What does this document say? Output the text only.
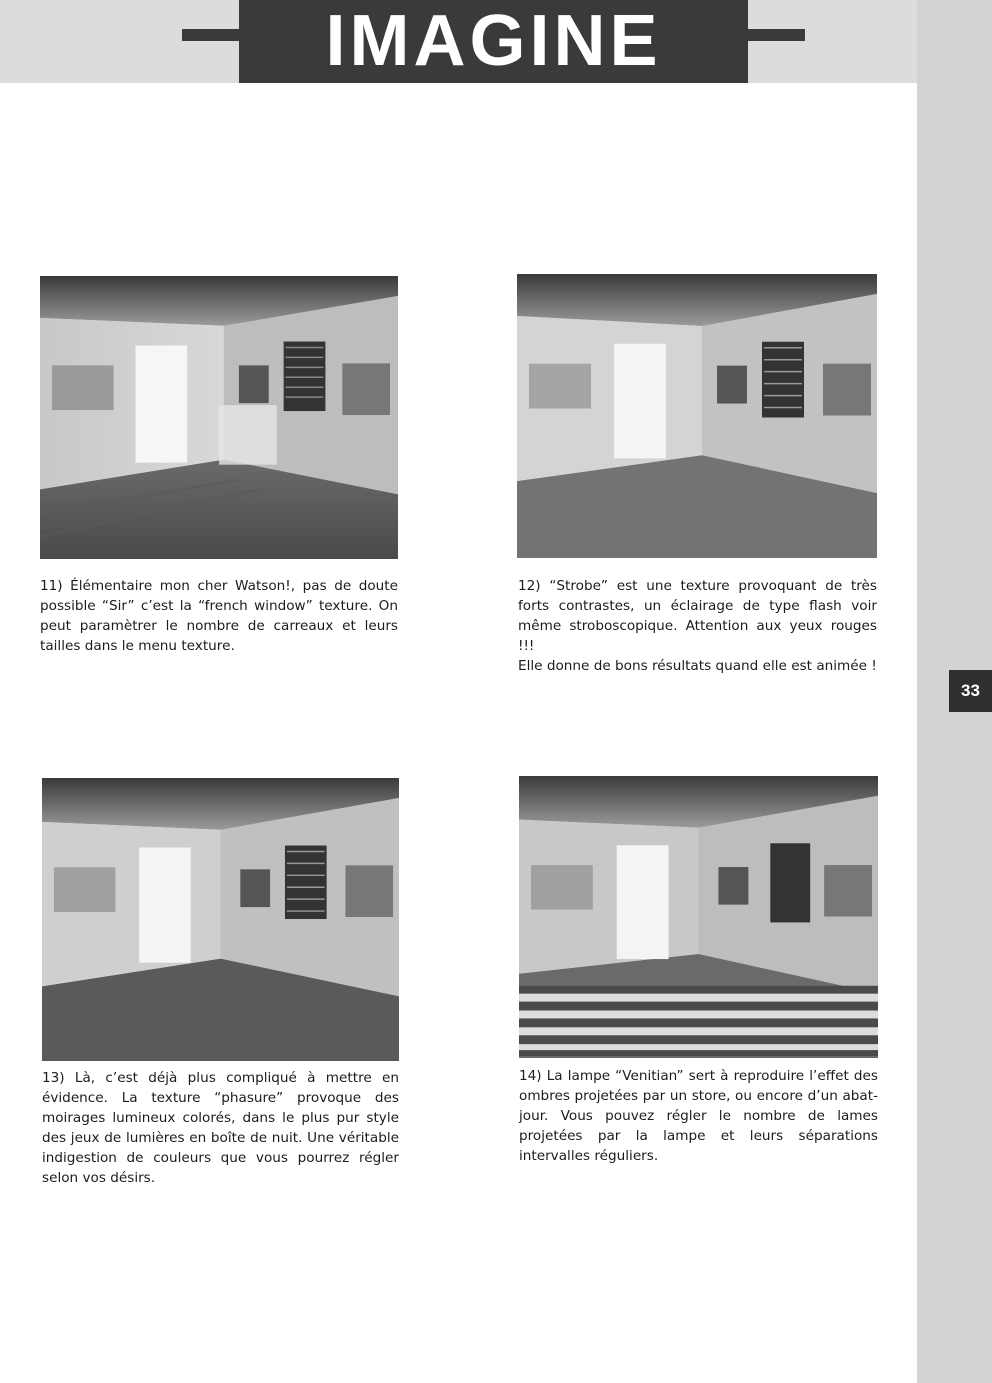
IMAGINE
33

11) Élémentaire mon cher Watson!, pas de doute possible “Sir” c’est la “french window” texture. On peut paramètrer le nombre de carreaux et leurs tailles dans le menu texture.

12) “Strobe” est une texture provoquant de très forts contrastes, un éclairage de type flash voir même stroboscopique. Attention aux yeux rouges !!!

Elle donne de bons résultats quand elle est animée !

13) Là, c’est déjà plus compliqué à mettre en évidence. La texture “phasure” provoque des moirages lumineux colorés, dans le plus pur style des jeux de lumières en boîte de nuit. Une véritable indigestion de couleurs que vous pourrez régler selon vos désirs.

14) La lampe “Venitian” sert à reproduire l’effet des ombres projetées par un store, ou encore d’un abat-jour. Vous pouvez régler le nombre de lames projetées par la lampe et leurs séparations intervalles réguliers.
